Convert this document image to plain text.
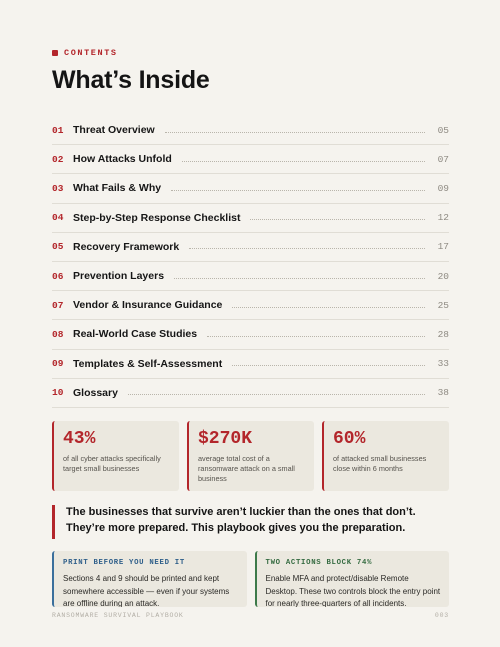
CONTENTS
What’s Inside
01 Threat Overview	05
02 How Attacks Unfold	07
03 What Fails & Why	09
04 Step-by-Step Response Checklist	12
05 Recovery Framework	17
06 Prevention Layers	20
07 Vendor & Insurance Guidance	25
08 Real-World Case Studies	28
09 Templates & Self-Assessment	33
10 Glossary	38
43%
of all cyber attacks specifically target small businesses
$270K
average total cost of a ransomware attack on a small business
60%
of attacked small businesses close within 6 months
The businesses that survive aren’t luckier than the ones that don’t. They’re more prepared. This playbook gives you the preparation.
PRINT BEFORE YOU NEED IT
Sections 4 and 9 should be printed and kept somewhere accessible — even if your systems are offline during an attack.
TWO ACTIONS BLOCK 74%
Enable MFA and protect/disable Remote Desktop. These two controls block the entry point for nearly three-quarters of all incidents.
RANSOMWARE SURVIVAL PLAYBOOK	003
